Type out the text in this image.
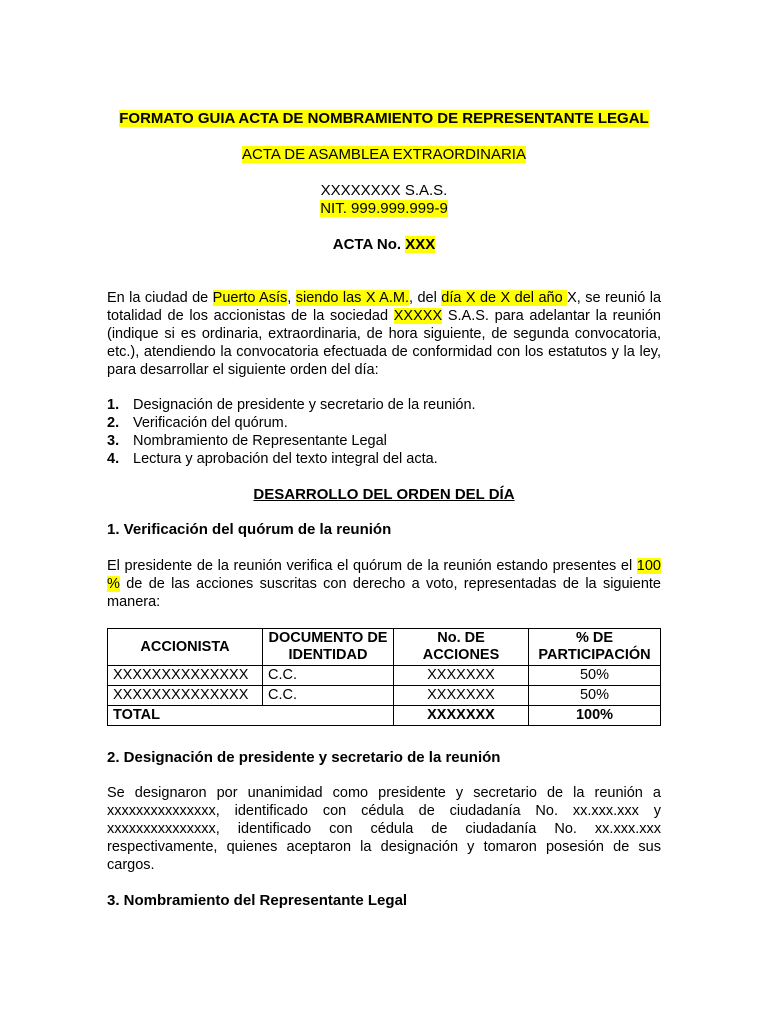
FORMATO GUIA ACTA DE NOMBRAMIENTO DE REPRESENTANTE LEGAL
ACTA DE ASAMBLEA EXTRAORDINARIA
XXXXXXXX S.A.S.
NIT. 999.999.999-9
ACTA No. XXX

En la ciudad de Puerto Asís, siendo las X A.M., del día X de X del año X, se reunió la totalidad de los accionistas de la sociedad XXXXX S.A.S. para adelantar la reunión (indique si es ordinaria, extraordinaria, de hora siguiente, de segunda convocatoria, etc.), atendiendo la convocatoria efectuada de conformidad con los estatutos y la ley, para desarrollar el siguiente orden del día:

1. Designación de presidente y secretario de la reunión.
2. Verificación del quórum.
3. Nombramiento de Representante Legal
4. Lectura y aprobación del texto integral del acta.
DESARROLLO DEL ORDEN DEL DÍA
1. Verificación del quórum de la reunión

El presidente de la reunión verifica el quórum de la reunión estando presentes el 100 % de de las acciones suscritas con derecho a voto, representadas de la siguiente manera:

ACCIONISTA	DOCUMENTO DE IDENTIDAD	No. DE ACCIONES	% DE PARTICIPACIÓN
XXXXXXXXXXXXXX	C.C.	XXXXXXX	50%
XXXXXXXXXXXXXX	C.C.	XXXXXXX	50%
TOTAL		XXXXXXX	100%
2. Designación de presidente y secretario de la reunión

Se designaron por unanimidad como presidente y secretario de la reunión a xxxxxxxxxxxxxxx, identificado con cédula de ciudadanía No. xx.xxx.xxx y xxxxxxxxxxxxxxx, identificado con cédula de ciudadanía No. xx.xxx.xxx respectivamente, quienes aceptaron la designación y tomaron posesión de sus cargos.

3. Nombramiento del Representante Legal
